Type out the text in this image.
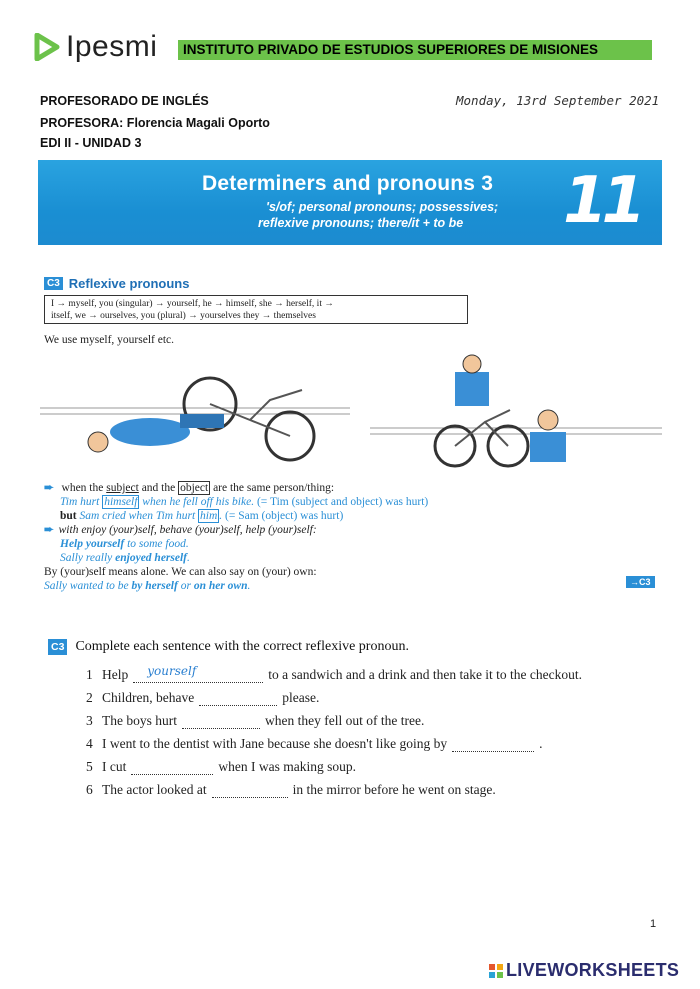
Ipesmi	INSTITUTO PRIVADO DE ESTUDIOS SUPERIORES DE MISIONES
PROFESORADO DE INGLÉS	Monday, 13rd September 2021
PROFESORA: Florencia Magali Oporto
EDI II - UNIDAD 3
Determiners and pronouns 3
's/of; personal pronouns; possessives;
reflexive pronouns; there/it + to be 11
C3 Reflexive pronouns
I → myself, you (singular) → yourself, he → himself, she → herself, it →
itself, we → ourselves, you (plural) → yourselves they → themselves
We use myself, yourself etc.
➨ when the subject and the object are the same person/thing:
Tim hurt himself when he fell off his bike. (= Tim (subject and object) was hurt)
but Sam cried when Tim hurt him . (= Sam (object) was hurt)
➨ with enjoy (your)self, behave (your)self, help (your)self:
Help yourself to some food.
Sally really enjoyed herself.
By (your)self means alone. We can also say on (your) own:
Sally wanted to be by herself or on her own.	→C3
C3 Complete each sentence with the correct reflexive pronoun.
1 Help yourself	to a sandwich and a drink and then take it to the checkout.
2 Children, behave	please.
3 The boys hurt	when they fell out of the tree.
4 I went to the dentist with Jane because she doesn't like going by	.
5 I cut	when I was making soup.
6 The actor looked at	in the mirror before he went on stage.
1
LIVEWORKSHEETS
